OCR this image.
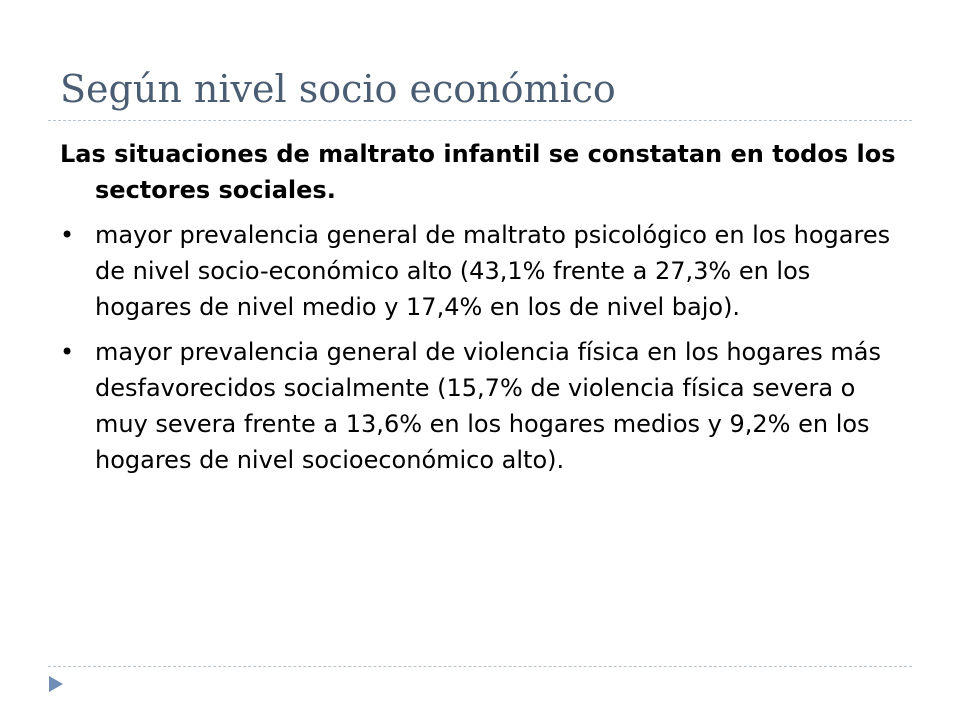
Según nivel socio económico

Las situaciones de maltrato infantil se constatan en todos los sectores sociales.

• mayor prevalencia general de maltrato psicológico en los hogares de nivel socio-económico alto (43,1% frente a 27,3% en los hogares de nivel medio y 17,4% en los de nivel bajo).
• mayor prevalencia general de violencia física en los hogares más desfavorecidos socialmente (15,7% de violencia física severa o muy severa frente a 13,6% en los hogares medios y 9,2% en los hogares de nivel socioeconómico alto).
